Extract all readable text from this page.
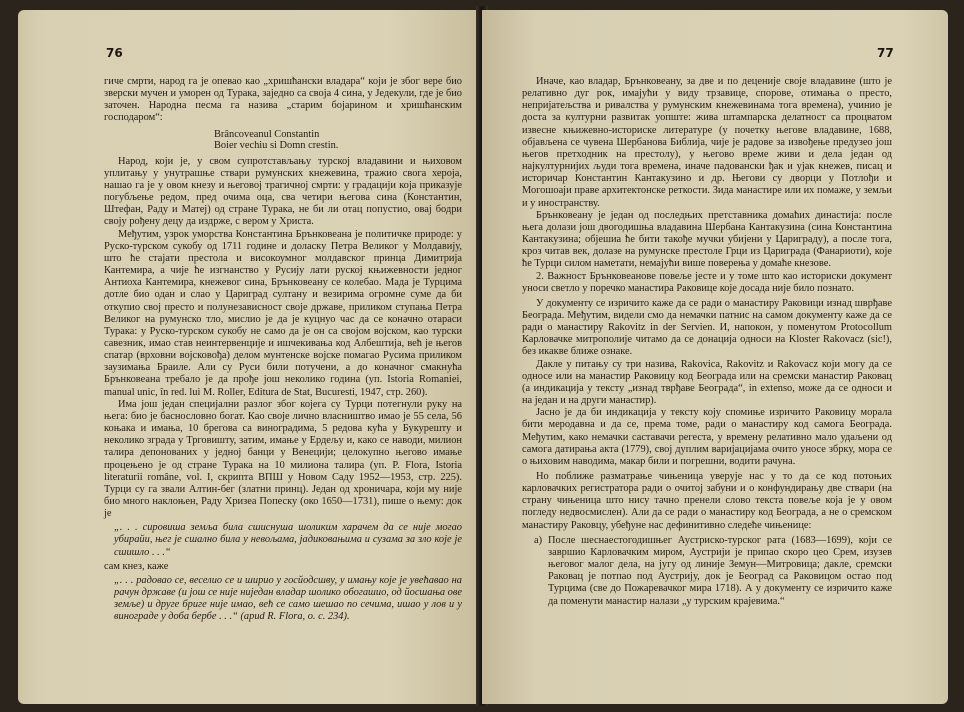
76

гиче смрти, народ га је опевао као „хришћански владара“ који је због вере био зверски мучен и уморен од Турака, заједно са своја 4 сина, у Једекули, где је био заточен. Народна песма га назива „старим бојарином и хришћанским господаром“:

Brâncoveanul Constantin
Boier vechiu si Domn crestin.

Народ, који је, у свом супротстављању турској владавини и њиховом уплитању у унутрашње ствари румунских кнежевина, тражио свога хероја, нашао га је у овом кнезу и његовој трагичној смрти: у градацији која приказује погубљење редом, пред очима оца, сва четири његова сина (Константин, Штефан, Раду и Матеј) од стране Турака, не би ли отац попустио, овај бодри своју рођену децу да издрже, с вером у Христа.

Међутим, узрок уморства Константина Брънковеана је политичке природе: у Руско-турском сукобу од 1711 године и доласку Петра Великог у Молдавију, што ће стајати престола и високоумног молдавског принца Димитрија Кантемира, а чије ће изгнанство у Русију лати руској књижевности једног Антиоха Кантемира, кнежевог сина, Брънковеану се колебао. Мада је Турцима дотле био одан и слао у Цариград султану и везирима огромне суме да би откупио свој престо и полунезависност своје државе, приликом ступања Петра Великог на румунско тло, мислио је да је куцнуо час да се коначно отараси Турака: у Руско-турском сукобу не само да је он са својом војском, као турски савезник, имао став неинтервенције и ишчекивања код Албештија, већ је његов спатар (врховни војсковођа) делом мунтенске војске помагао Русима приликом заузимања Браиле. Али су Руси били потучени, а до коначног смакнућа Брънковеана требало је да прође још неколико година (уп. Istoria Romaniei, manual unic, în red. lui M. Roller, Editura de Stat, Bucuresti, 1947, стр. 260).

Има још један специјални разлог због којега су Турци потегнули руку на њега: био је баснословно богат. Као своје лично власништво имао је 55 села, 56 коњака и имања, 10 брегова са виноградима, 5 редова кућа у Букурешту и неколико зграда у Трговишту, затим, имање у Ердељу и, како се наводи, милион талира депонованих у једној банци у Венецији; целокупно његово имање процењено је од стране Турака на 10 милиона талира (уп. P. Flora, Istoria literaturii române, vol. I, скрипта ВПШ у Новом Саду 1952—1953, стр. 225). Турци су га звали Алтин-бег (златни принц). Један од хроничара, који му није био много наклоњен, Раду Хризеа Попеску (око 1650—1731), пише о њему: док је

„. . . сировиша земља била сшиснуша шоликим харачем да се није могао убирайи, њег је сшално била у невољама, јадиковањима и сузама за злo које је сшишло . . .“

сам кнез, каже

„. . . радовао се, веселио се и ширио у госйодсшву, у имању које је увећавао на рачун државе (и још се није ниједан владар шолико обогашио, од йосшања ове земље) и друге бриге није имао, већ се само шешао по сечима, ишао у лов и у винограде у доба бербе . . .“ (apud R. Flora, o. c. 234).

77

Иначе, као владар, Брънковеану, за две и по деценије своје владавине (што је релативно дуг рок, имајући у виду трзавице, споpове, отимања о престо, непријатељства и ривалства у румунским кнежевинама тога времена), учинио је доста за културни развитак уопште: жива штампарска делатност са процватом извесне књижевно-историске литературе (у почетку његове владавине, 1688, објављена се чувена Шербанова Библија, чије је радове за извођење предузео још његов претходник на престолу), у његово време живи и дела један од најкултурнијих људи тога времена, иначе падовански ђак и ујак кнежев, писац и историчар Константин Кантакузино и др. Његови су двoрци у Потлођи и Могошоаји праве архитектонске реткости. Зида манастире или их помаже, у земљи и у иностранству.

Брънковеану је један од последњих претставника домаћих династија: после њега долази још двогодишња владавина Шербана Кантакузина (сина Константина Кантакузина; објешиа ће бити такође мучки убијени у Цариграду), а после тога, кроз читав век, долазе на румунске престоле Грци из Цариграда (Фанариоти), које ће Турци силом наметати, немајући више поверења у домаће кнезове.

2. Важност Брънковеановe повеље јесте и у томе што као историски документ уноси светло у поречко манастира Раковице које досада није било познато.

У документу се изричито каже да се ради о манастиру Раковици изнад шврђаве Београда. Међутим, видели смо да немачки патнис на самом документу каже да се ради о манастиру Rakovitz in der Servien. И, напокон, у поменутом Protocollum Карловачке митрополије читамо да се донација односи на Kloster Rakovacz (sic!), без икакве ближе ознаке.

Дакле у питању су три назива, Rakovica, Rakovitz и Rakovacz који могу да се односе или на манастир Раковицу код Београда или на сремски манастир Раковац (а индикација у тексту „изнад тврђаве Београда“, in extenso, може да се односи и на један и на други манастир).

Јасно је да би индикација у тексту коју спомиње изричито Раковицу морала бити меродавна и да се, према томе, ради о манастиру код самога Београда. Међутим, како немачки саставачи регеста, у времену релативно мало удаљени од самога датирања акта (1779), свој дуплим варијацијама очито уносе збрку, мора се о њиховим наводима, макар били и погрешни, водити рачуна.

Но поближе размaтрање чињеница уверује нас у то да се код потоњих карловачких регистратора ради о очитој забуни и о конфундирању две ствари (на страну чињеница што нису тачно пренели слово текста повеље која је у овом погледу недвосмислен). Али да се ради о манастиру код Београда, а не о сремском манастиру Раковцу, убеђуне нас дефинитивно следеће чињенице:

a) После шеснаестогодишњег Аустриско-турског рата (1683—1699), који се завршио Карловачким миром, Аустрији је припао скоро цео Срем, изузев његовог малог дела, на југу од линије Земун—Митровица; дакле, сремски Раковац је потпао под Аустрију, док је Београд са Раковицом остао под Турцима (све до Пожаревачког мира 1718). А у документу се изричито каже да поменути манастир налази „у турским крајевима.“
